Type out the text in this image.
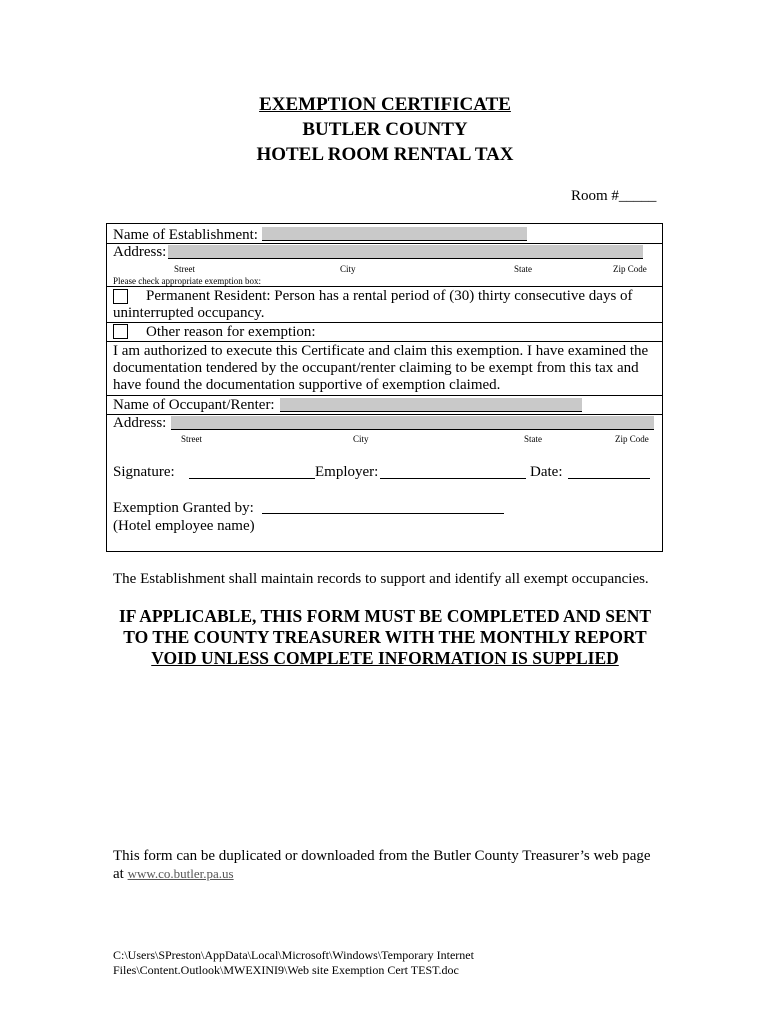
EXEMPTION CERTIFICATE
BUTLER COUNTY
HOTEL ROOM RENTAL TAX
Room #_____
Name of Establishment:
Address:
Street	City	State	Zip Code
Please check appropriate exemption box:
Permanent Resident: Person has a rental period of (30) thirty consecutive days of
uninterrupted occupancy.
Other reason for exemption:
I am authorized to execute this Certificate and claim this exemption. I have examined the
documentation tendered by the occupant/renter claiming to be exempt from this tax and
have found the documentation supportive of exemption claimed.
Name of Occupant/Renter:
Address:
Street	City	State	Zip Code
Signature:	Employer:	Date:
Exemption Granted by:
(Hotel employee name)
The Establishment shall maintain records to support and identify all exempt occupancies.
IF APPLICABLE, THIS FORM MUST BE COMPLETED AND SENT
TO THE COUNTY TREASURER WITH THE MONTHLY REPORT
VOID UNLESS COMPLETE INFORMATION IS SUPPLIED
This form can be duplicated or downloaded from the Butler County Treasurer’s web page
at www.co.butler.pa.us
C:\Users\SPreston\AppData\Local\Microsoft\Windows\Temporary Internet
Files\Content.Outlook\MWEXINI9\Web site Exemption Cert TEST.doc
